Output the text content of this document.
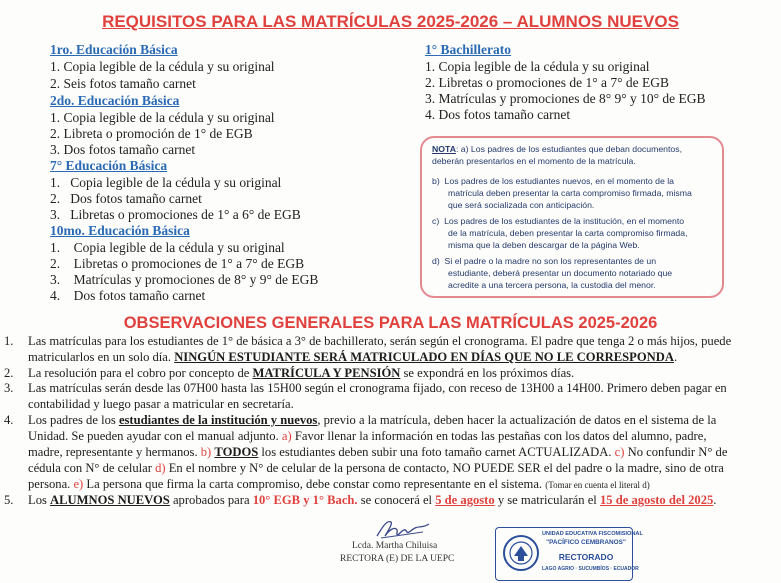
REQUISITOS PARA LAS MATRÍCULAS 2025-2026 – ALUMNOS NUEVOS
1ro. Educación Básica
1. Copia legible de la cédula y su original
2. Seis fotos tamaño carnet
2do. Educación Básica
1. Copia legible de la cédula y su original
2. Libreta o promoción de 1° de EGB
3. Dos fotos tamaño carnet
7° Educación Básica
1.   Copia legible de la cédula y su original
2.   Dos fotos tamaño carnet
3.   Libretas o promociones de 1° a 6° de EGB
10mo. Educación Básica
1.    Copia legible de la cédula y su original
2.    Libretas o promociones de 1° a 7° de EGB
3.    Matrículas y promociones de 8° y 9° de EGB
4.    Dos fotos tamaño carnet
1° Bachillerato
1. Copia legible de la cédula y su original
2. Libretas o promociones de 1° a 7° de EGB
3. Matrículas y promociones de 8° 9° y 10° de EGB
4. Dos fotos tamaño carnet
NOTA: a) Los padres de los estudiantes que deban documentos,
deberán presentarlos en el momento de la matrícula.
b)  Los padres de los estudiantes nuevos, en el momento de la
matrícula deben presentar la carta compromiso firmada, misma
que será socializada con anticipación.
c)  Los padres de los estudiantes de la institución, en el momento
de la matrícula, deben presentar la carta compromiso firmada,
misma que la deben descargar de la página Web.
d)  Si el padre o la madre no son los representantes de un
estudiante, deberá presentar un documento notariado que
acredite a una tercera persona, la custodia del menor.
OBSERVACIONES GENERALES PARA LAS MATRÍCULAS 2025-2026
1. Las matrículas para los estudiantes de 1° de básica a 3° de bachillerato, serán según el cronograma. El padre que tenga 2 o más hijos, puede
matricularlos en un solo día. NINGÚN ESTUDIANTE SERÁ MATRICULADO EN DÍAS QUE NO LE CORRESPONDA.
2. La resolución para el cobro por concepto de MATRÍCULA Y PENSIÓN se expondrá en los próximos días.
3. Las matrículas serán desde las 07H00 hasta las 15H00 según el cronograma fijado, con receso de 13H00 a 14H00. Primero deben pagar en
contabilidad y luego pasar a matricular en secretaría.
4. Los padres de los estudiantes de la institución y nuevos, previo a la matrícula, deben hacer la actualización de datos en el sistema de la
Unidad. Se pueden ayudar con el manual adjunto. a) Favor llenar la información en todas las pestañas con los datos del alumno, padre,
madre, representante y hermanos. b) TODOS los estudiantes deben subir una foto tamaño carnet ACTUALIZADA. c) No confundir N° de
cédula con N° de celular d) En el nombre y N° de celular de la persona de contacto, NO PUEDE SER el del padre o la madre, sino de otra
persona. e) La persona que firma la carta compromiso, debe constar como representante en el sistema. (Tomar en cuenta el literal d)
5. Los ALUMNOS NUEVOS aprobados para 10° EGB y 1° Bach. se conocerá el 5 de agosto y se matricularán el 15 de agosto del 2025.
Lcda. Martha Chiluisa
RECTORA (E) DE LA UEPC
UNIDAD EDUCATIVA FISCOMISIONAL
"PACÍFICO CEMBRANOS"
RECTORADO
LAGO AGRIO · SUCUMBÍOS · ECUADOR
